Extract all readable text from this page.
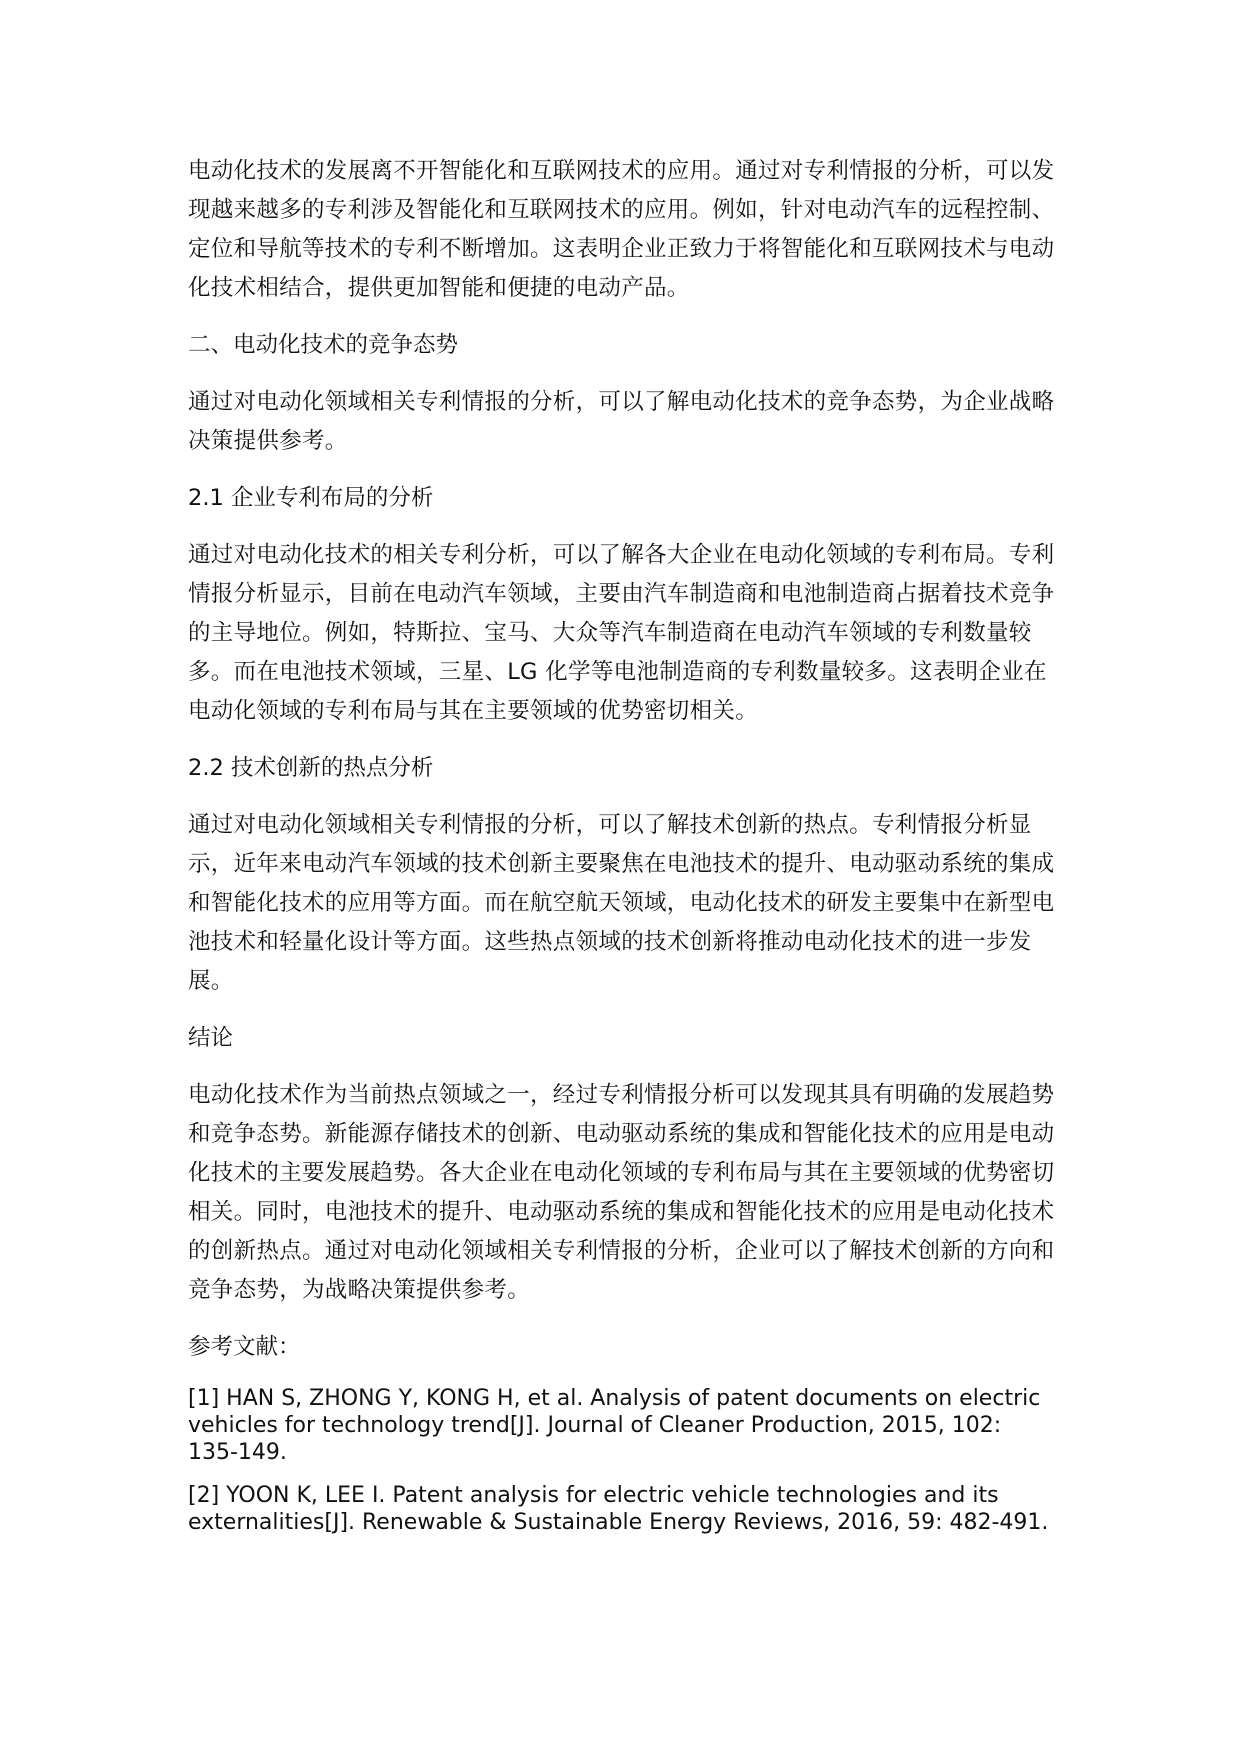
电动化技术的发展离不开智能化和互联网技术的应用。通过对专利情报的分析，可以发现越来越多的专利涉及智能化和互联网技术的应用。例如，针对电动汽车的远程控制、定位和导航等技术的专利不断增加。这表明企业正致力于将智能化和互联网技术与电动化技术相结合，提供更加智能和便捷的电动产品。

二、电动化技术的竞争态势

通过对电动化领域相关专利情报的分析，可以了解电动化技术的竞争态势，为企业战略决策提供参考。

2.1 企业专利布局的分析

通过对电动化技术的相关专利分析，可以了解各大企业在电动化领域的专利布局。专利情报分析显示，目前在电动汽车领域，主要由汽车制造商和电池制造商占据着技术竞争的主导地位。例如，特斯拉、宝马、大众等汽车制造商在电动汽车领域的专利数量较多。而在电池技术领域，三星、LG 化学等电池制造商的专利数量较多。这表明企业在电动化领域的专利布局与其在主要领域的优势密切相关。

2.2 技术创新的热点分析

通过对电动化领域相关专利情报的分析，可以了解技术创新的热点。专利情报分析显示，近年来电动汽车领域的技术创新主要聚焦在电池技术的提升、电动驱动系统的集成和智能化技术的应用等方面。而在航空航天领域，电动化技术的研发主要集中在新型电池技术和轻量化设计等方面。这些热点领域的技术创新将推动电动化技术的进一步发展。

结论

电动化技术作为当前热点领域之一，经过专利情报分析可以发现其具有明确的发展趋势和竞争态势。新能源存储技术的创新、电动驱动系统的集成和智能化技术的应用是电动化技术的主要发展趋势。各大企业在电动化领域的专利布局与其在主要领域的优势密切相关。同时，电池技术的提升、电动驱动系统的集成和智能化技术的应用是电动化技术的创新热点。通过对电动化领域相关专利情报的分析，企业可以了解技术创新的方向和竞争态势，为战略决策提供参考。

参考文献：

[1] HAN S, ZHONG Y, KONG H, et al. Analysis of patent documents on electric vehicles for technology trend[J]. Journal of Cleaner Production, 2015, 102: 135-149.

[2] YOON K, LEE I. Patent analysis for electric vehicle technologies and its externalities[J]. Renewable & Sustainable Energy Reviews, 2016, 59: 482-491.
